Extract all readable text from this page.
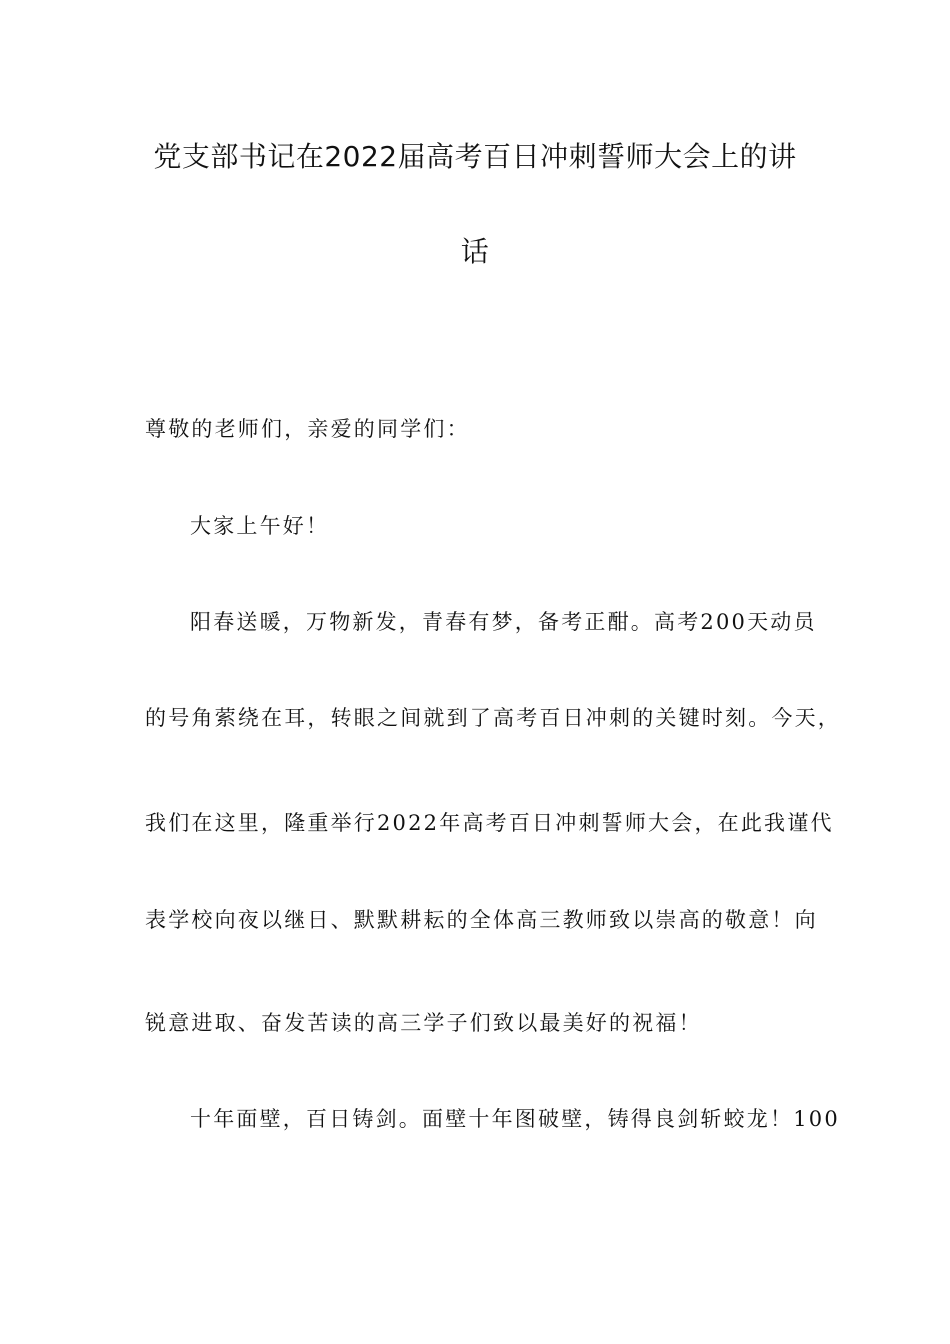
党支部书记在2022届高考百日冲刺誓师大会上的讲
话
尊敬的老师们，亲爱的同学们：
大家上午好！
阳春送暖，万物新发，青春有梦，备考正酣。高考200天动员
的号角萦绕在耳，转眼之间就到了高考百日冲刺的关键时刻。今天，
我们在这里，隆重举行2022年高考百日冲刺誓师大会，在此我谨代
表学校向夜以继日、默默耕耘的全体高三教师致以崇高的敬意！向
锐意进取、奋发苦读的高三学子们致以最美好的祝福！
十年面壁，百日铸剑。面壁十年图破壁，铸得良剑斩蛟龙！100
